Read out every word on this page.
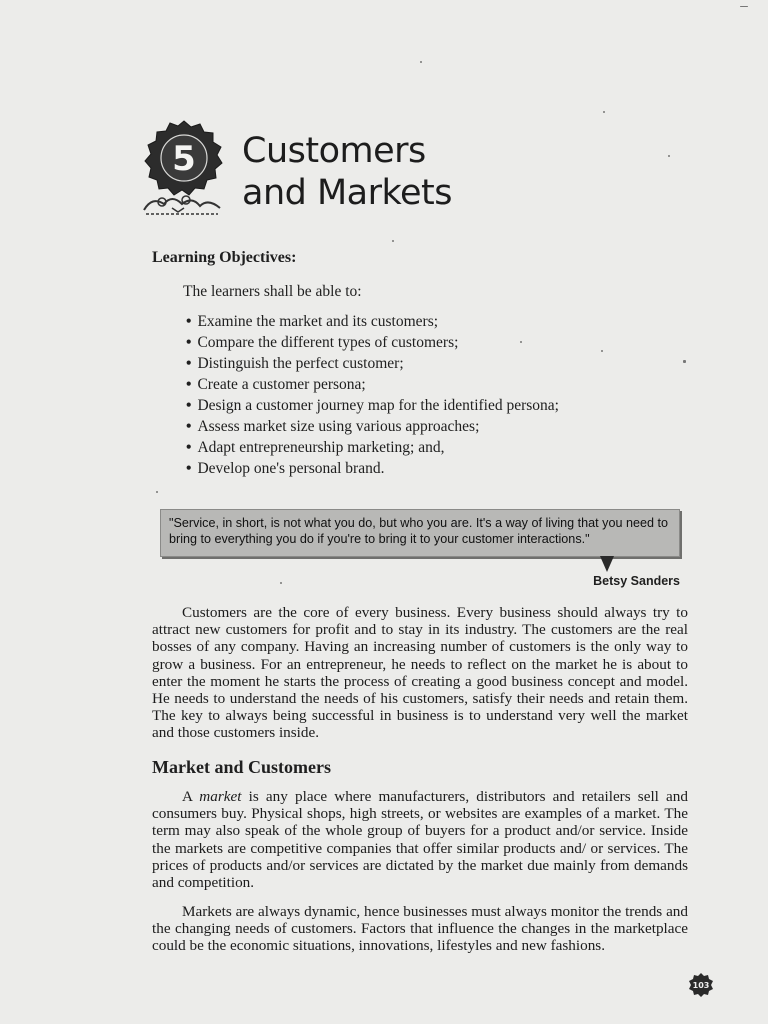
5	Customers
and Markets
Learning Objectives:

The learners shall be able to:

• Examine the market and its customers;
• Compare the different types of customers;
• Distinguish the perfect customer;
• Create a customer persona;
• Design a customer journey map for the identified persona;
• Assess market size using various approaches;
• Adapt entrepreneurship marketing; and,
• Develop one's personal brand.
"Service, in short, is not what you do, but who you are. It's a way of living that you need to bring to everything you do if you're to bring it to your customer interactions."

Betsy Sanders

Customers are the core of every business. Every business should always try to attract new customers for profit and to stay in its industry. The customers are the real bosses of any company. Having an increasing number of customers is the only way to grow a business. For an entrepreneur, he needs to reflect on the market he is about to enter the moment he starts the process of creating a good business concept and model. He needs to understand the needs of his customers, satisfy their needs and retain them. The key to always being successful in business is to understand very well the market and those customers inside.

Market and Customers

A market is any place where manufacturers, distributors and retailers sell and consumers buy. Physical shops, high streets, or websites are examples of a market. The term may also speak of the whole group of buyers for a product and/or service. Inside the markets are competitive companies that offer similar products and/ or services. The prices of products and/or services are dictated by the market due mainly from demands and competition.

Markets are always dynamic, hence businesses must always monitor the trends and the changing needs of customers. Factors that influence the changes in the marketplace could be the economic situations, innovations, lifestyles and new fashions.

103
